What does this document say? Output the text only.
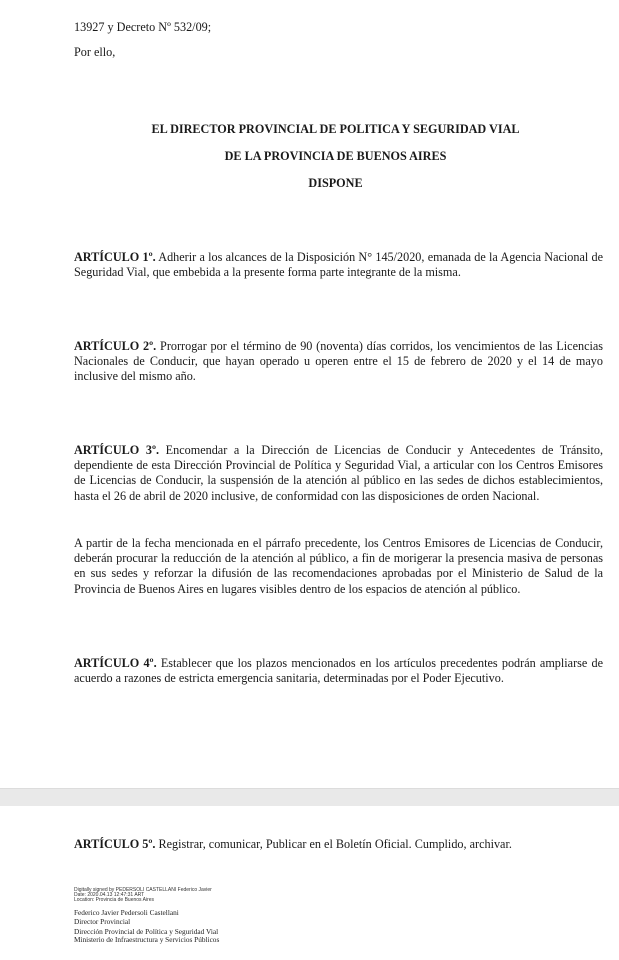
13927 y Decreto Nº 532/09;
Por ello,
EL DIRECTOR PROVINCIAL DE POLITICA Y SEGURIDAD VIAL
DE LA PROVINCIA DE BUENOS AIRES
DISPONE
ARTÍCULO 1º. Adherir a los alcances de la Disposición N° 145/2020, emanada de la Agencia Nacional de Seguridad Vial, que embebida a la presente forma parte integrante de la misma.
ARTÍCULO 2º. Prorrogar por el término de 90 (noventa) días corridos, los vencimientos de las Licencias Nacionales de Conducir, que hayan operado u operen entre el 15 de febrero de 2020 y el 14 de mayo inclusive del mismo año.
ARTÍCULO 3º. Encomendar a la Dirección de Licencias de Conducir y Antecedentes de Tránsito, dependiente de esta Dirección Provincial de Política y Seguridad Vial, a articular con los Centros Emisores de Licencias de Conducir, la suspensión de la atención al público en las sedes de dichos establecimientos, hasta el 26 de abril de 2020 inclusive, de conformidad con las disposiciones de orden Nacional.
A partir de la fecha mencionada en el párrafo precedente, los Centros Emisores de Licencias de Conducir, deberán procurar la reducción de la atención al público, a fin de morigerar la presencia masiva de personas en sus sedes y reforzar la difusión de las recomendaciones aprobadas por el Ministerio de Salud de la Provincia de Buenos Aires en lugares visibles dentro de los espacios de atención al público.
ARTÍCULO 4º. Establecer que los plazos mencionados en los artículos precedentes podrán ampliarse de acuerdo a razones de estricta emergencia sanitaria, determinadas por el Poder Ejecutivo.
ARTÍCULO 5º. Registrar, comunicar, Publicar en el Boletín Oficial. Cumplido, archivar.
Digitally signed by PEDERSOLI CASTELLANI Federico Javier
Date: 2020.04.13 12:47:31 ART
Location: Provincia de Buenos Aires
Federico Javier Pedersoli Castellani
Director Provincial
Dirección Provincial de Política y Seguridad Vial
Ministerio de Infraestructura y Servicios Públicos
